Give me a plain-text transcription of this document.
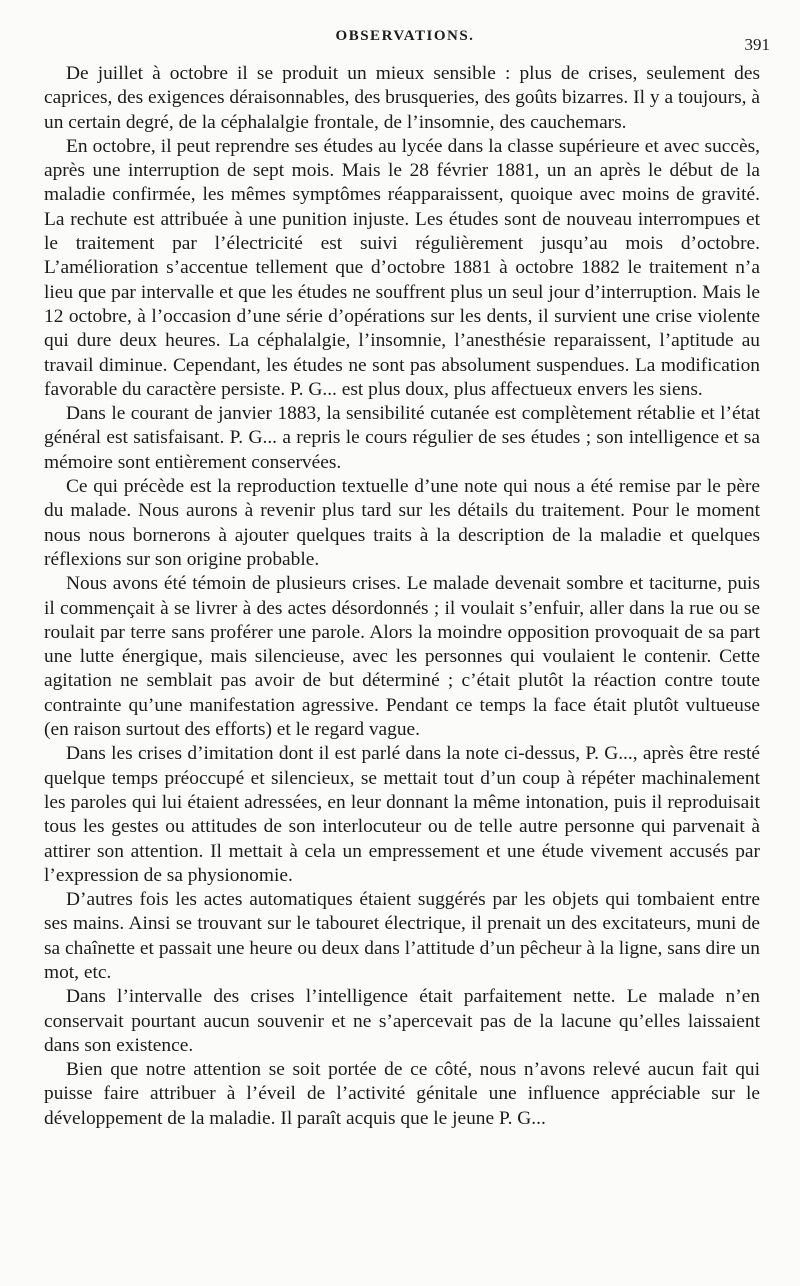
OBSERVATIONS.	391

De juillet à octobre il se produit un mieux sensible : plus de crises, seulement des caprices, des exigences déraisonnables, des brusqueries, des goûts bizarres. Il y a toujours, à un certain degré, de la céphalalgie frontale, de l’insomnie, des cauchemars.

En octobre, il peut reprendre ses études au lycée dans la classe supérieure et avec succès, après une interruption de sept mois. Mais le 28 février 1881, un an après le début de la maladie confirmée, les mêmes symptômes réapparaissent, quoique avec moins de gravité. La rechute est attribuée à une punition injuste. Les études sont de nouveau interrompues et le traitement par l’électricité est suivi régulièrement jusqu’au mois d’octobre. L’amélioration s’accentue tellement que d’octobre 1881 à octobre 1882 le traitement n’a lieu que par intervalle et que les études ne souffrent plus un seul jour d’interruption. Mais le 12 octobre, à l’occasion d’une série d’opérations sur les dents, il survient une crise violente qui dure deux heures. La céphalalgie, l’insomnie, l’anesthésie reparaissent, l’aptitude au travail diminue. Cependant, les études ne sont pas absolument suspendues. La modification favorable du caractère persiste. P. G... est plus doux, plus affectueux envers les siens.

Dans le courant de janvier 1883, la sensibilité cutanée est complètement rétablie et l’état général est satisfaisant. P. G... a repris le cours régulier de ses études ; son intelligence et sa mémoire sont entièrement conservées.

Ce qui précède est la reproduction textuelle d’une note qui nous a été remise par le père du malade. Nous aurons à revenir plus tard sur les détails du traitement. Pour le moment nous nous bornerons à ajouter quelques traits à la description de la maladie et quelques réflexions sur son origine probable.

Nous avons été témoin de plusieurs crises. Le malade devenait sombre et taciturne, puis il commençait à se livrer à des actes désordonnés ; il voulait s’enfuir, aller dans la rue ou se roulait par terre sans proférer une parole. Alors la moindre opposition provoquait de sa part une lutte énergique, mais silencieuse, avec les personnes qui voulaient le contenir. Cette agitation ne semblait pas avoir de but déterminé ; c’était plutôt la réaction contre toute contrainte qu’une manifestation agressive. Pendant ce temps la face était plutôt vultueuse (en raison surtout des efforts) et le regard vague.

Dans les crises d’imitation dont il est parlé dans la note ci-dessus, P. G..., après être resté quelque temps préoccupé et silencieux, se mettait tout d’un coup à répéter machinalement les paroles qui lui étaient adressées, en leur donnant la même intonation, puis il reproduisait tous les gestes ou attitudes de son interlocuteur ou de telle autre personne qui parvenait à attirer son attention. Il mettait à cela un empressement et une étude vivement accusés par l’expression de sa physionomie.

D’autres fois les actes automatiques étaient suggérés par les objets qui tombaient entre ses mains. Ainsi se trouvant sur le tabouret électrique, il prenait un des excitateurs, muni de sa chaînette et passait une heure ou deux dans l’attitude d’un pêcheur à la ligne, sans dire un mot, etc.

Dans l’intervalle des crises l’intelligence était parfaitement nette. Le malade n’en conservait pourtant aucun souvenir et ne s’apercevait pas de la lacune qu’elles laissaient dans son existence.

Bien que notre attention se soit portée de ce côté, nous n’avons relevé aucun fait qui puisse faire attribuer à l’éveil de l’activité génitale une influence appréciable sur le développement de la maladie. Il paraît acquis que le jeune P. G...
